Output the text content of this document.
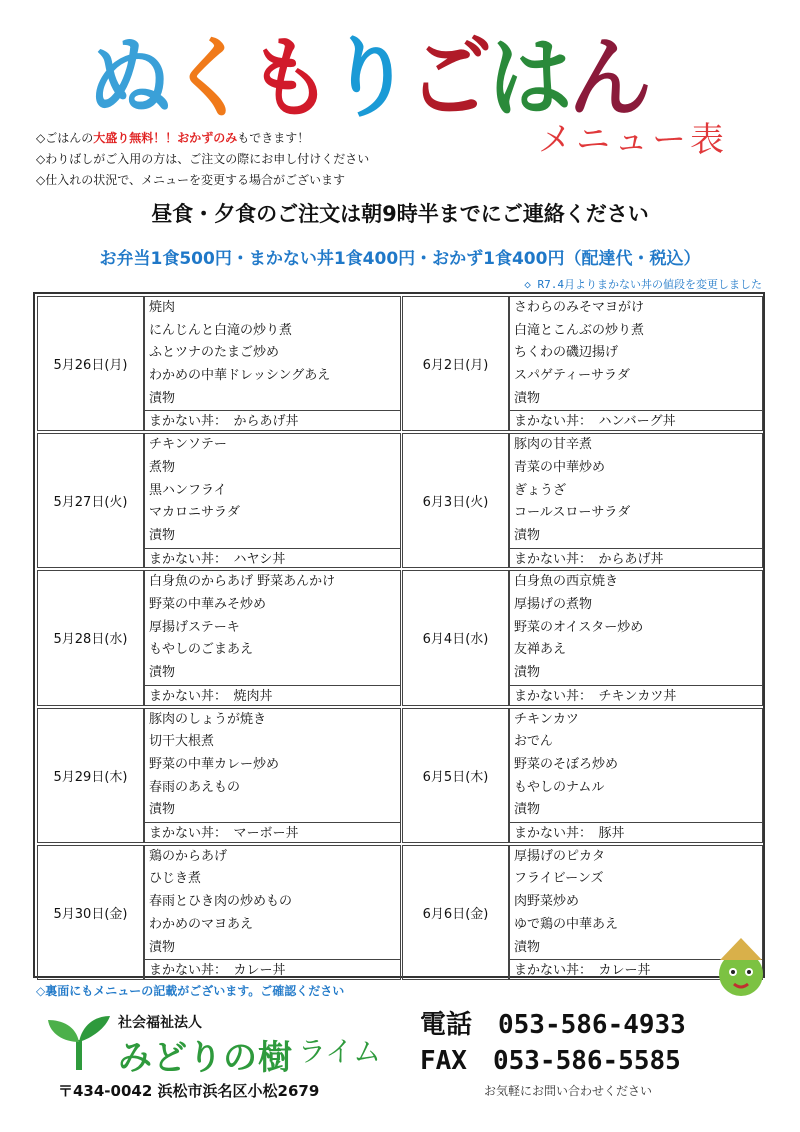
ぬくもりごはん
メニュー表
◇ごはんの大盛り無料！！おかずのみもできます！
◇わりばしがご入用の方は、ご注文の際にお申し付けください
◇仕入れの状況で、メニューを変更する場合がございます
昼食・夕食のご注文は朝9時半までにご連絡ください
お弁当1食500円・まかない丼1食400円・おかず1食400円（配達代・税込）
◇ R7.4月よりまかない丼の値段を変更しました
5月26日(月)
焼肉
にんじんと白滝の炒り煮
ふとツナのたまご炒め
わかめの中華ドレッシングあえ
漬物
まかない丼：　からあげ丼
5月27日(火)
チキンソテー
煮物
黒ハンフライ
マカロニサラダ
漬物
まかない丼：　ハヤシ丼
5月28日(水)
白身魚のからあげ 野菜あんかけ
野菜の中華みそ炒め
厚揚げステーキ
もやしのごまあえ
漬物
まかない丼：　焼肉丼
5月29日(木)
豚肉のしょうが焼き
切干大根煮
野菜の中華カレー炒め
春雨のあえもの
漬物
まかない丼：　マーボー丼
5月30日(金)
鶏のからあげ
ひじき煮
春雨とひき肉の炒めもの
わかめのマヨあえ
漬物
まかない丼：　カレー丼
6月2日(月)
さわらのみそマヨがけ
白滝とこんぶの炒り煮
ちくわの磯辺揚げ
スパゲティーサラダ
漬物
まかない丼：　ハンバーグ丼
6月3日(火)
豚肉の甘辛煮
青菜の中華炒め
ぎょうざ
コールスローサラダ
漬物
まかない丼：　からあげ丼
6月4日(水)
白身魚の西京焼き
厚揚げの煮物
野菜のオイスター炒め
友禅あえ
漬物
まかない丼：　チキンカツ丼
6月5日(木)
チキンカツ
おでん
野菜のそぼろ炒め
もやしのナムル
漬物
まかない丼：　豚丼
6月6日(金)
厚揚げのピカタ
フライビーンズ
肉野菜炒め
ゆで鶏の中華あえ
漬物
まかない丼：　カレー丼
◇裏面にもメニューの記載がございます。ご確認ください
社会福祉法人
みどりの樹 ライム
〒434-0042 浜松市浜名区小松2679
電話　053-586-4933
FAX　053-586-5585
お気軽にお問い合わせください
